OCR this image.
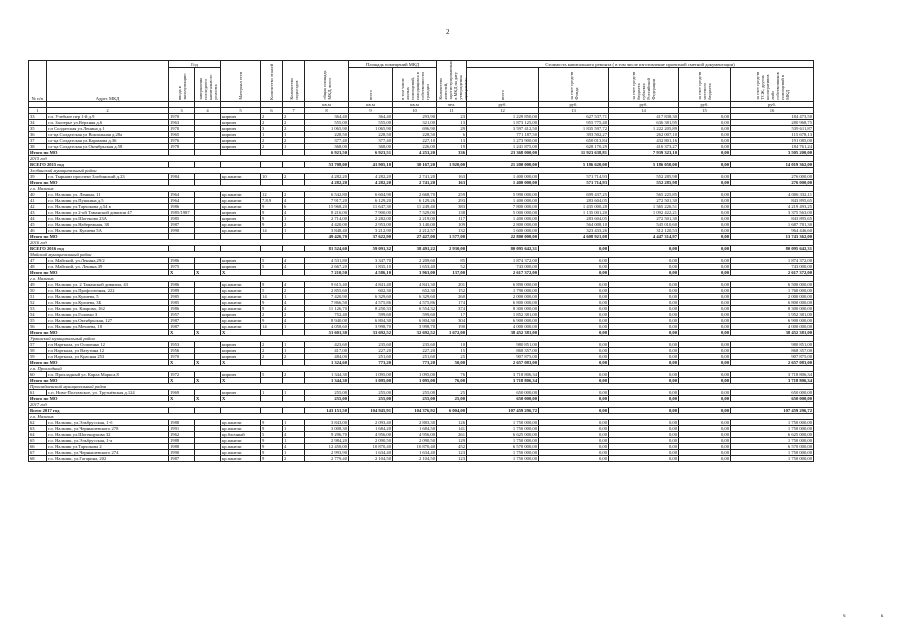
2
№ п/п	Адрес МКД	Год		Материал стен	Количество этажей	Количество подъездов	общая площадь МКД, всего	Площадь помещений МКД		Количество жителей, зарегистрированных в МКД на дату утверждения программы	Стоимость капитального ремонта ( в том числе изготовление проектной сметной документации)				
		ввода в эксплуатацию	завершения последнего капитального ремонта					всего	в том числе жилых помещений, находящихся в собственности граждан		всего	за счет средств Фонда	за счет средств бюджета субъекта Российской Федерации	за счет средств местного бюджета	за счет средств ТСЖ, других кооперативов либо собственников помещений в МКД
							кв.м	кв.м	кв.м	чел.	руб.	руб.	руб.	руб.	руб.
1	2	3	4	5	6	7	8	9	10	11	12	13	14	15	16
33	г.п. Учебное пер 1-й д.9	1970		кирпич	2	2	364,40	364,40	293,90	23	1 229 850,00	627 537,71	417 838,30	0,00	184 473,50
34	г.п. Заозерье ул.Верхняя д.6	1963		кирпич	2	2	555,00	555,00	321,00	13	1 873 125,00	955 775,40	636 381,95	0,00	280 968,75
35	г.п Солдатская ул.Ленина д.1	1970		кирпич	3	2	1 065,90	1 065,90	696,90	29	3 597 412,50	1 835 597,72	1 222 205,89	0,00	539 611,87
36	сл-ца Солдатская ул Вокзальная д.28а	1965		кирпич	1	1	228,50	228,50	228,50	6	771 187,50	393 502,27	262 007,10	0,00	115 678,13
37	сл-ца Солдатская ул.Карамова д.36	1976		кирпич	2	2	377,40	377,40	227,10	13	1 273 900,00	650 013,84	432 801,16	0,00	191 085,00
38	сл-ца Солдатская ул.Октябрьская д.58	1978		кирпич	2	1	368,00	368,00	226,00	19	1 241 875,00	628 170,29	416 373,27	0,00	184 761,24
Итого по МО							6 923,50	6 923,51	4 253,20	336	23 368 000,00	11 923 638,81	7 939 323,10	0,00	3 505 200,00
2015 год															
ВСЕГО 2015 год							53 708,00	41 905,10	30 167,20	1 920,00	21 200 000,00	5 186 620,00	5 186 050,00	0,00	14 019 362,00
Злобинский муниципальный район															
39	г.п. Тырнаиз проспект Злобинский д.23	1984		кр.панели	10	2	4 282,20	4 282,20	2 741,20	163	1 400 000,00	571 714,93	552 285,98	0,00	276 000,00
Итого по МО							4 282,20	4 282,20	2 741,20	163	1 400 000,00	571 714,93	552 285,98	0,00	276 000,00
г.о. Нальчик															
40	г.о. Нальчик ул. Ленина, 11	1964		кр.панели	12	2	6 542,80	6 604,90	2 668,70	259	5 990 000,00	699 437,25	565 225,85	0,00	4 006 332,11
41	г.о. Нальчик ул.Пушкина д.5	1964		кр.панели	7,8,9	4	7 917,20	6 129,20	6 129,26	293	1 400 000,00	283 604,05	272 501,30	0,00	843 895,65
42	г.о. Нальчик ул.Тарчокова д.54 в	1986		кр.панели	9	6	15 968,20	11 647,30	11 249,40	383	7 800 000,00	1 435 000,28	1 365 226,51	0,00	4 219 493,25
43	г.о. Нальчик ул 2-ой Таманской дивизии 47	1985/1987		кирпич	9	4	8 216,00	7 900,00	7 529,00	138	5 000 000,00	1 135 001,20	1 092 422,21	0,00	3 375 563,00
44	г.о. Нальчик ул.Шогенова 23А	1985		кирпич	9	1	2 714,00	2 282,00	2 219,00	117	1 400 000,00	283 604,05	272 501,30	0,00	843 895,65
45	г.о. Нальчик ул.Набережная, 38	1987		кр.панели	9	2	4 420,00	2 953,00	3 140,00	109	2 800 000,00	564 008,10	545 010,60	0,00	1 687 781,30
46	г.о. Нальчик ул. Кулиева 5А	1990		кр.панели	14	1	3 848,40	3 212,90	2 212,57	132	1 600 000,00	323 433,26	312 120,53	0,00	964 446,60
Итого по МО							49 426,70	37 622,90	27 427,00	1 577,00	22 800 000,00	4 608 921,08	4 447 314,97	0,00	13 743 362,00
2016 год															
ВСЕГО 2016 год							81 524,60	59 091,32	38 491,22	2 930,00	80 095 642,31	0,00	0,00	0,00	80 095 642,31
Майский муниципальный район															
47	г.п. Майский, ул.Ленина,29/2	1986		кирпич	5	4	4 531,80	3 347,70	2 209,60	85	1 874 372,00	0,00	0,00	0,00	1 874 372,00
48	г.п. Майский, ул. Ленина,39	1975		кирпич	5	4	2 667,20	1 835,10	1 653,40	52	743 000,00	0,00	0,00	0,00	743 000,00
Итого по МО		X	X	X			7 210,50	4 586,10	3 963,00	137,00	2 617 372,00	0,00	0,00	0,00	2 617 372,00
г.о. Нальчик															
49	г.о. Нальчик ул. 2 Таманской дивизии, 43	1986		кр.панели	9	4	9 615,40	4 841,40	4 841,30	201	6 890 000,00	0,00	0,00	0,00	6 500 000,00
50	г.о. Нальчик ул.Профсоюзная, 222	1989		кр.панели	5	2	2 855,60	602,30	652,30	152	1 790 000,00	0,00	0,00	0,00	1 760 000,00
51	г.о. Нальчик ул.Кулиева, 5	1985		кр.панели	14	1	7 420,90	6 329,60	6 329,60	260	2 000 000,00	0,00	0,00	0,00	2 000 000,00
52	г.о. Нальчик ул.Кулиева, 3Б	1985		кр.панели	9	4	7 866,50	4 575,86	4 575,86	174	6 800 000,00	0,00	0,00	0,00	6 800 000,00
53	г.о. Нальчик ул. Киарова, 162	1986		кр.панели	9	4	11 126,70	8 250,33	6 554,32	374	8 300 000,00	0,00	0,00	0,00	8 300 000,00
54	г.о. Нальчик ул.Головко 3	1957		кирпич	2	2	752,40	599,60	599,60	17	1 852 381,00	0,00	0,00	0,00	1 952 381,00
55	г.о. Нальчик ул.Октябрьская, 127	1987		кр.панели	9	4	8 940,00	6 804,30	6 804,30	304	6 900 000,00	0,00	0,00	0,00	6 900 000,00
56	г.о. Нальчик ул.Мечиева, 10	1987		кр.панели	14	1	4 058,60	3 998,70	3 998,70	190	4 000 000,00	0,00	0,00	0,00	4 000 000,00
Итого по МО		X	X	X			51 601,30	33 692,52	32 692,52	1 672,00	38 452 381,00	0,00	0,00	0,00	38 452 381,00
Урванский муниципальный район															
57	г.п Нарткала, ул Осипенко 12	1953		кирпич	2	1	423,60	235,60	235,60	10	980 851,00	0,00	0,00	0,00	980 851,00
58	г.п Нарткала, ул Ватутина 12	1956		кирпич	2	1	417,00	227,20	227,20	15	868 357,00	0,00	0,00	0,00	868 357,00
59	г.п Нарткала, ул Красная 253	1970		кирпич	2	2	484,00	251,60	251,60	25	907 875,00	0,00	0,00	0,00	907 875,00
Итого по МО		X	X	X			1 324,60	773,20	773,20	50,00	2 657 083,00	0,00	0,00	0,00	2 657 083,00
г.п. Прохладный															
60	г.п. Прохладный ул. Карла Маркса,8	1972		кирпич	5	2	1 344,30	1 095,00	1 095,00	76	3 718 806,34	0,00	0,00	0,00	3 718 806,34
Итого по МО		X	X	X			1 344,30	1 095,00	1 095,00	76,00	3 718 806,34	0,00	0,00	0,00	3 718 806,34
Прохладненский муниципальный район															
61	с.п. Ново-Полтавское, ул. Трутнёвская д.124	1969		кирпич	1	1	255,00	255,00	255,00	25	650 000,00	0,00	0,00	0,00	650 000,00
Итого по МО		X	X	X			255,00	255,00	255,00	25,00	650 000,00	0,00	0,00	0,00	650 000,00
2017 год															
Всего 2017 год							143 151,50	104 945,91	104 376,92	6 004,00	107 459 296,72	0,00	0,00	0,00	107 459 296,72
г.о. Нальчик															
62	г.о. Нальчик, ул.Эльбрусская, 1-б	1988		кр.панели	9	1	3 843,00	2 093,40	2 883,30	126	1 750 000,00	0,00	0,00	0,00	1 750 000,00
63	г.о. Нальчик, ул.Чернышевского 278	1991		кр.панели	9	1	3 008,30	1 684,20	1 684,50	141	1 750 000,00	0,00	0,00	0,00	1 750 000,00
64	г.о. Нальчик ул.Шогенцукова 32	1962		кр.блочный	5	4	9 296,70	4 956,00	4 956,00	261	6 625 000,00	0,00	0,00	0,00	6 625 000,00
65	г.о. Нальчик, ул.Эльбрусская, 1-а	1988		кр.панели	9	1	2 984,20	2 090,50	2 090,50	129	1 750 000,00	0,00	0,00	0,00	1 750 000,00
66	г.о. Нальчик ул.Тарчокова 2	1988		кр.панели	9	4	12 450,00	10 870,40	10 870,40	452	6 570 000,00	0,00	0,00	0,00	6 570 000,00
67	г.о. Нальчик, ул.Чернышевского 274	1990		кр.панели	9	1	2 993,90	1 634,40	1 634,40	123	1 750 000,00	0,00	0,00	0,00	1 750 000,00
68	г.о. Нальчик, ул.Гагарина, 202	1987		кр.панели	9	2	2 779,40	2 104,50	2 104,50	123	1 750 000,00	0,00	0,00	0,00	1 750 000,00
ч	к
